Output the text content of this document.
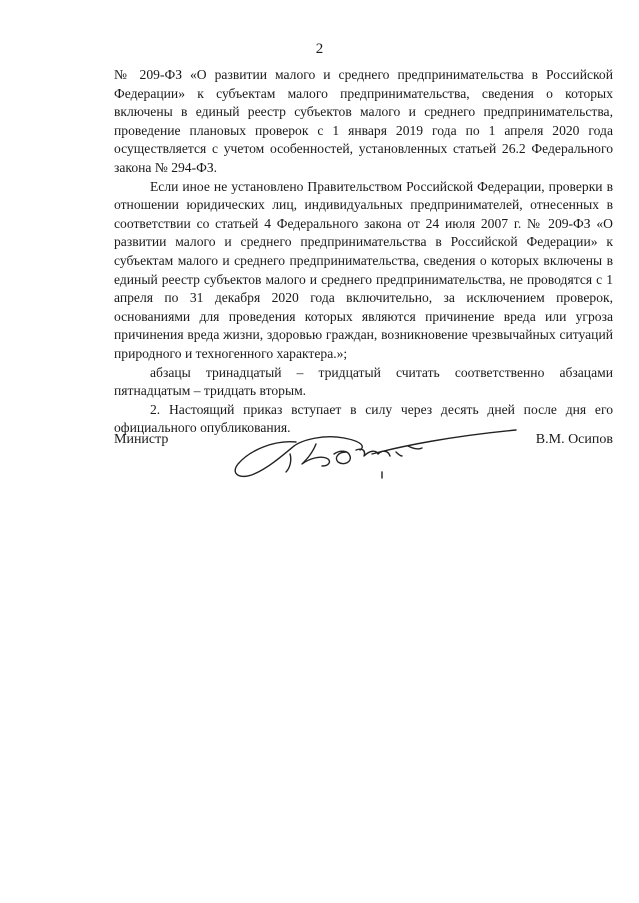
2

№ 209-ФЗ «О развитии малого и среднего предпринимательства в Российской Федерации» к субъектам малого предпринимательства, сведения о которых включены в единый реестр субъектов малого и среднего предпринимательства, проведение плановых проверок с 1 января 2019 года по 1 апреля 2020 года осуществляется с учетом особенностей, установленных статьей 26.2 Федерального закона № 294-ФЗ.

Если иное не установлено Правительством Российской Федерации, проверки в отношении юридических лиц, индивидуальных предпринимателей, отнесенных в соответствии со статьей 4 Федерального закона от 24 июля 2007 г. № 209-ФЗ «О развитии малого и среднего предпринимательства в Российской Федерации» к субъектам малого и среднего предпринимательства, сведения о которых включены в единый реестр субъектов малого и среднего предпринимательства, не проводятся с 1 апреля по 31 декабря 2020 года включительно, за исключением проверок, основаниями для проведения которых являются причинение вреда или угроза причинения вреда жизни, здоровью граждан, возникновение чрезвычайных ситуаций природного и техногенного характера.»;

абзацы тринадцатый – тридцатый считать соответственно абзацами пятнадцатым – тридцать вторым.

2. Настоящий приказ вступает в силу через десять дней после дня его официального опубликования.

Министр	В.М. Осипов
